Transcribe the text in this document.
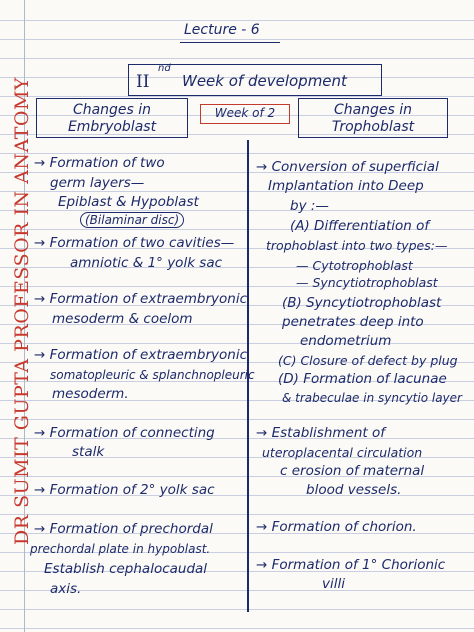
DR SUMIT GUPTA PROFESSOR IN ANATOMY
Lecture - 6
II
nd
Week of development
Changes in
Embryoblast
Week of 2	Changes in
Trophoblast
→ Formation of two
germ layers—
Epiblast & Hypoblast
(Bilaminar disc)
→ Formation of two cavities—
amniotic & 1° yolk sac
→ Formation of extraembryonic
mesoderm & coelom
→ Formation of extraembryonic
somatopleuric & splanchnopleuric
mesoderm.
→ Formation of connecting
stalk
→ Formation of 2° yolk sac
→ Formation of prechordal
prechordal plate in hypoblast.
Establish cephalocaudal
axis.
→ Conversion of superficial
Implantation into Deep
by :—
(A) Differentiation of
trophoblast into two types:—
— Cytotrophoblast
— Syncytiotrophoblast
(B) Syncytiotrophoblast
penetrates deep into
endometrium
(C) Closure of defect by plug
(D) Formation of lacunae
& trabeculae in syncytio layer
→ Establishment of
uteroplacental circulation
c erosion of maternal
blood vessels.
→ Formation of chorion.
→ Formation of 1° Chorionic
villi
